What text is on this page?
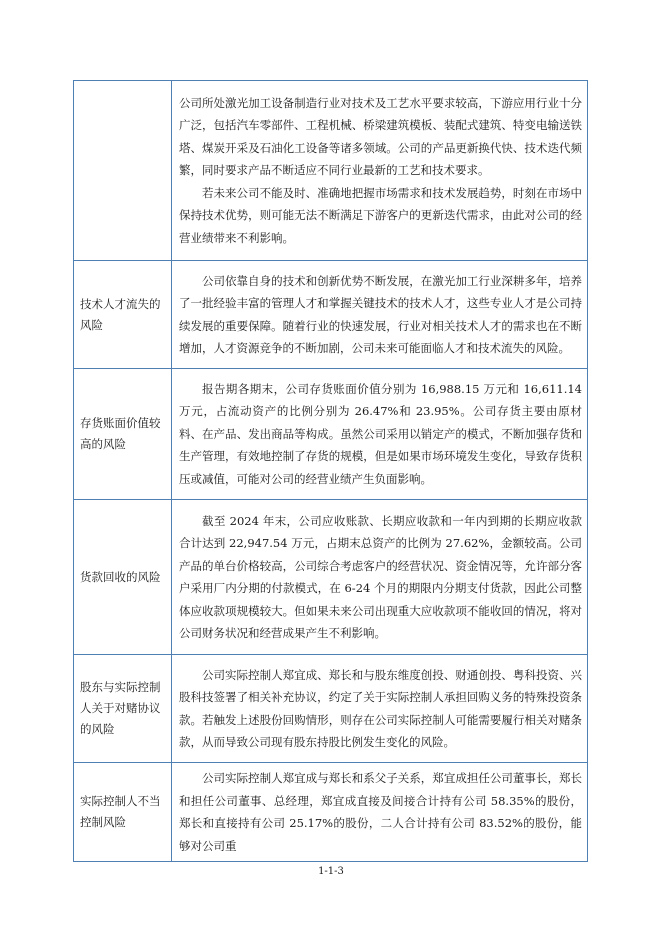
	公司所处激光加工设备制造行业对技术及工艺水平要求较高，下游应用行业十分广泛，包括汽车零部件、工程机械、桥梁建筑模板、装配式建筑、特变电输送铁塔、煤炭开采及石油化工设备等诸多领域。公司的产品更新换代快、技术迭代频繁，同时要求产品不断适应不同行业最新的工艺和技术要求。

若未来公司不能及时、准确地把握市场需求和技术发展趋势，时刻在市场中保持技术优势，则可能无法不断满足下游客户的更新迭代需求，由此对公司的经营业绩带来不利影响。

技术人才流失的风险	公司依靠自身的技术和创新优势不断发展，在激光加工行业深耕多年，培养了一批经验丰富的管理人才和掌握关键技术的技术人才，这些专业人才是公司持续发展的重要保障。随着行业的快速发展，行业对相关技术人才的需求也在不断增加，人才资源竞争的不断加剧，公司未来可能面临人才和技术流失的风险。

存货账面价值较高的风险	报告期各期末，公司存货账面价值分别为 16,988.15 万元和 16,611.14 万元，占流动资产的比例分别为 26.47%和 23.95%。公司存货主要由原材料、在产品、发出商品等构成。虽然公司采用以销定产的模式，不断加强存货和生产管理，有效地控制了存货的规模，但是如果市场环境发生变化，导致存货积压或减值，可能对公司的经营业绩产生负面影响。

货款回收的风险	截至 2024 年末，公司应收账款、长期应收款和一年内到期的长期应收款合计达到 22,947.54 万元，占期末总资产的比例为 27.62%，金额较高。公司产品的单台价格较高，公司综合考虑客户的经营状况、资金情况等，允许部分客户采用厂内分期的付款模式，在 6-24 个月的期限内分期支付货款，因此公司整体应收款项规模较大。但如果未来公司出现重大应收款项不能收回的情况，将对公司财务状况和经营成果产生不利影响。

股东与实际控制人关于对赌协议的风险	公司实际控制人郑宜成、郑长和与股东维度创投、财通创投、粤科投资、兴股科技签署了相关补充协议，约定了关于实际控制人承担回购义务的特殊投资条款。若触发上述股份回购情形，则存在公司实际控制人可能需要履行相关对赌条款，从而导致公司现有股东持股比例发生变化的风险。

实际控制人不当控制风险	公司实际控制人郑宜成与郑长和系父子关系，郑宜成担任公司董事长，郑长和担任公司董事、总经理，郑宜成直接及间接合计持有公司 58.35%的股份，郑长和直接持有公司 25.17%的股份，二人合计持有公司 83.52%的股份，能够对公司重

1-1-3
